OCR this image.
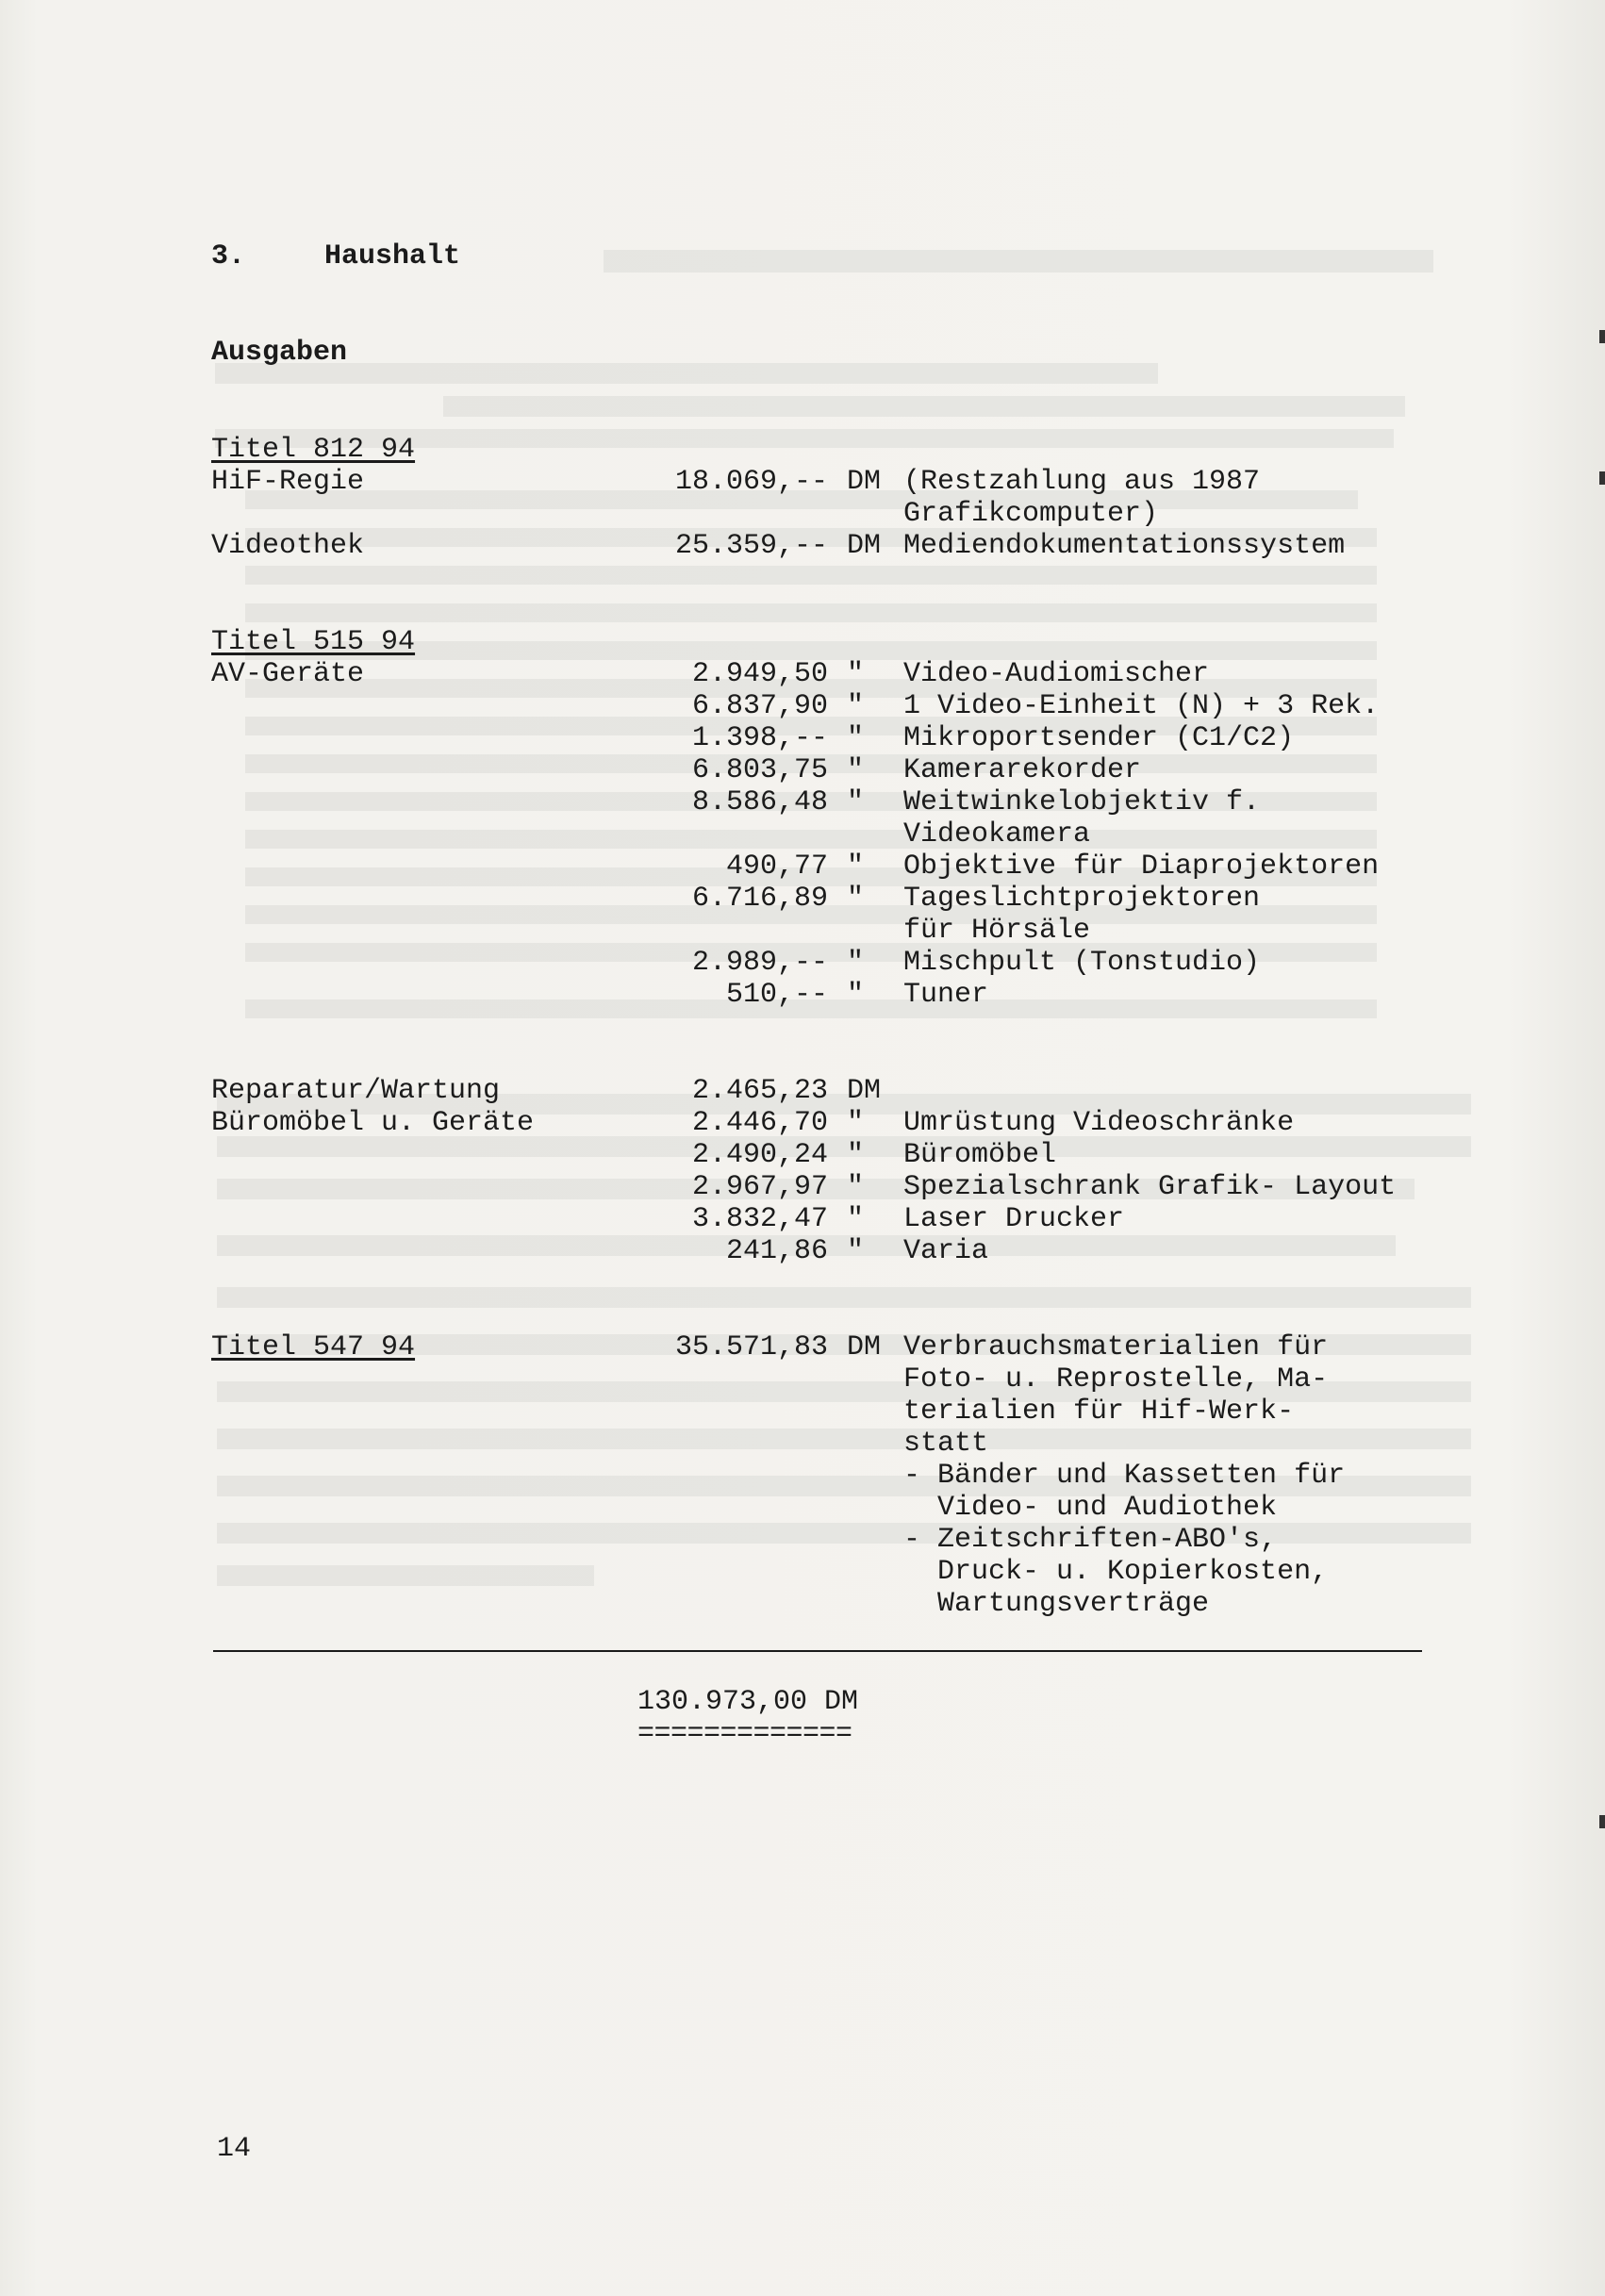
3.	Haushalt
Ausgaben
Titel 812 94
HiF-Regie	18.069,-- DM (Restzahlung aus 1987
Grafikcomputer)
Videothek	25.359,-- DM Mediendokumentationssystem
Titel 515 94
AV-Geräte	2.949,50 " Video-Audiomischer
6.837,90 " 1 Video-Einheit (N) + 3 Rek.
1.398,-- " Mikroportsender (C1/C2)
6.803,75 " Kamerarekorder
8.586,48 " Weitwinkelobjektiv f.
Videokamera
490,77 " Objektive für Diaprojektoren
6.716,89 " Tageslichtprojektoren
für Hörsäle
2.989,-- " Mischpult (Tonstudio)
510,-- " Tuner
Reparatur/Wartung	2.465,23 DM
Büromöbel u. Geräte	2.446,70 " Umrüstung Videoschränke
2.490,24 " Büromöbel
2.967,97 " Spezialschrank Grafik- Layout
3.832,47 " Laser Drucker
241,86 " Varia
Titel 547 94	35.571,83 DM Verbrauchsmaterialien für
Foto- u. Reprostelle, Ma-
terialien für Hif-Werk-
statt
- Bänder und Kassetten für
Video- und Audiothek
- Zeitschriften-ABO's,
Druck- u. Kopierkosten,
Wartungsverträge
130.973,00 DM
=============
14
